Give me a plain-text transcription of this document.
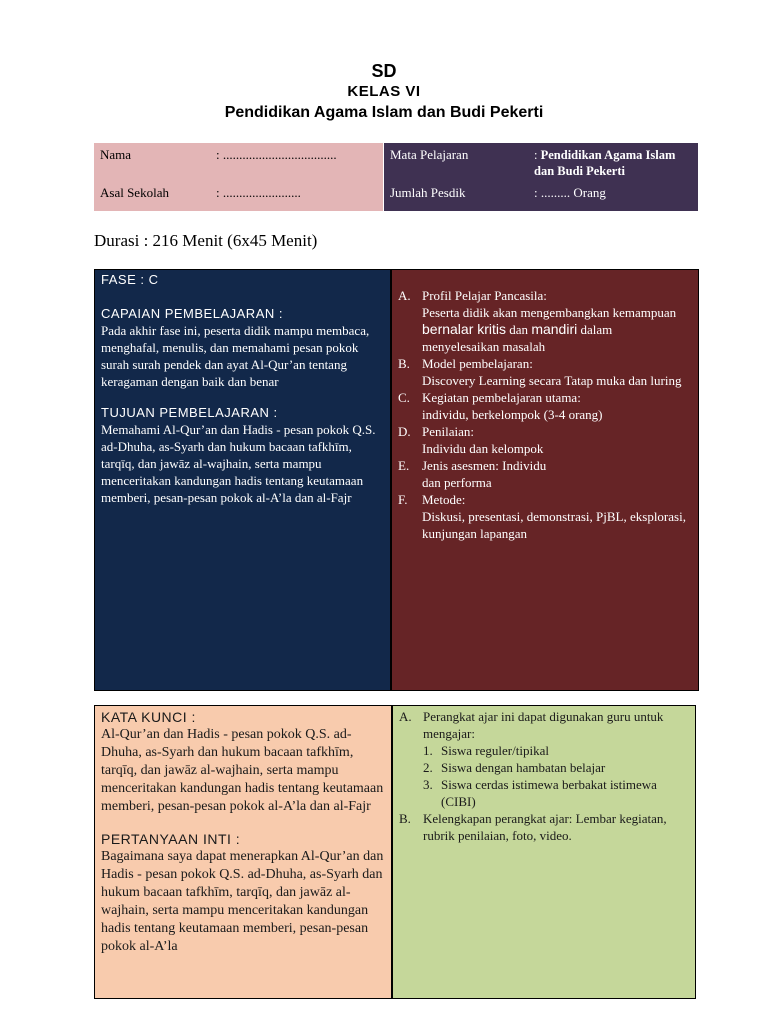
SD
KELAS VI
Pendidikan Agama Islam dan Budi Pekerti
Nama	: ...................................
Asal Sekolah	: ........................
Mata Pelajaran	: Pendidikan Agama Islam dan Budi Pekerti
Jumlah Pesdik	: ......... Orang
Durasi : 216 Menit (6x45 Menit)
FASE : C
CAPAIAN PEMBELAJARAN :
Pada akhir fase ini, peserta didik mampu membaca, menghafal, menulis, dan memahami pesan pokok surah surah pendek dan ayat Al-Qur’an tentang keragaman dengan baik dan benar
TUJUAN PEMBELAJARAN :
Memahami Al-Qur’an dan Hadis - pesan pokok Q.S. ad-Dhuha, as-Syarh dan hukum bacaan tafkhīm, tarqīq, dan jawāz al-wajhain, serta mampu menceritakan kandungan hadis tentang keutamaan memberi, pesan-pesan pokok al-A’la dan al-Fajr
A. Profil Pelajar Pancasila:
Peserta didik akan mengembangkan kemampuan bernalar kritis dan mandiri dalam menyelesaikan masalah
B. Model pembelajaran:
Discovery Learning secara Tatap muka dan luring
C. Kegiatan pembelajaran utama:
individu, berkelompok (3-4 orang)
D. Penilaian:
Individu dan kelompok
E. Jenis asesmen: Individu
dan performa
F. Metode:
Diskusi, presentasi, demonstrasi, PjBL, eksplorasi, kunjungan lapangan
KATA KUNCI :
Al-Qur’an dan Hadis - pesan pokok Q.S. ad-Dhuha, as-Syarh dan hukum bacaan tafkhīm, tarqīq, dan jawāz al-wajhain, serta mampu menceritakan kandungan hadis tentang keutamaan memberi, pesan-pesan pokok al-A’la dan al-Fajr
PERTANYAAN INTI :
Bagaimana saya dapat menerapkan Al-Qur’an dan Hadis - pesan pokok Q.S. ad-Dhuha, as-Syarh dan hukum bacaan tafkhīm, tarqīq, dan jawāz al-wajhain, serta mampu menceritakan kandungan hadis tentang keutamaan memberi, pesan-pesan pokok al-A’la
A. Perangkat ajar ini dapat digunakan guru untuk mengajar:
1. Siswa reguler/tipikal
2. Siswa dengan hambatan belajar
3. Siswa cerdas istimewa berbakat istimewa (CIBI)
B. Kelengkapan perangkat ajar: Lembar kegiatan, rubrik penilaian, foto, video.
